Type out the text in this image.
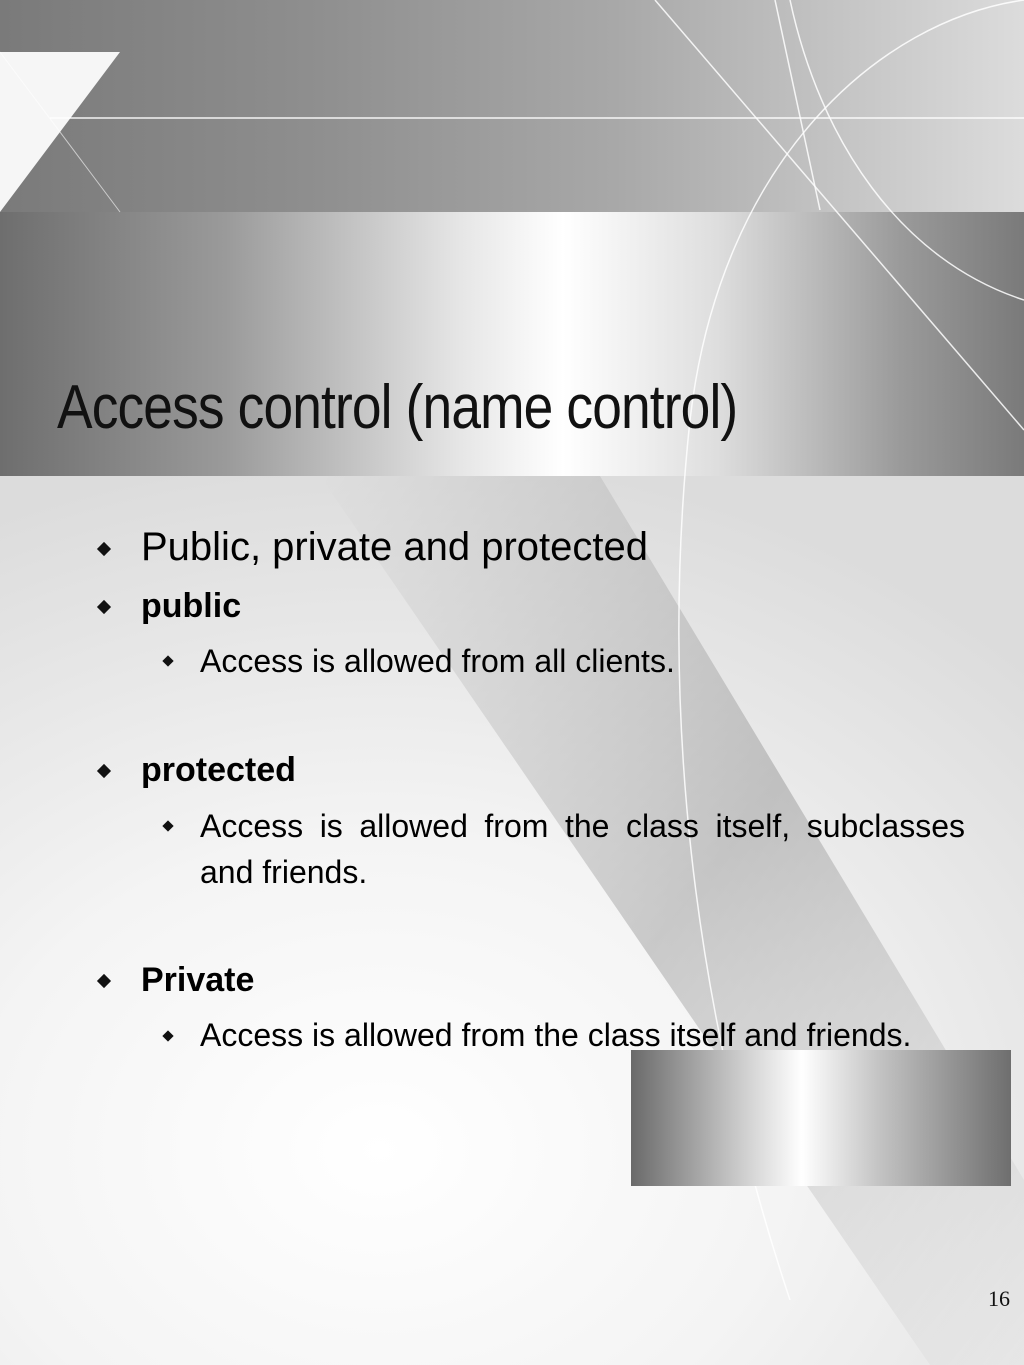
Access control (name control)
Public, private and protected
public
Access is allowed from all clients.
protected
Access is allowed from the class itself, subclasses and friends.
Private
Access is allowed from the class itself and friends.
16
